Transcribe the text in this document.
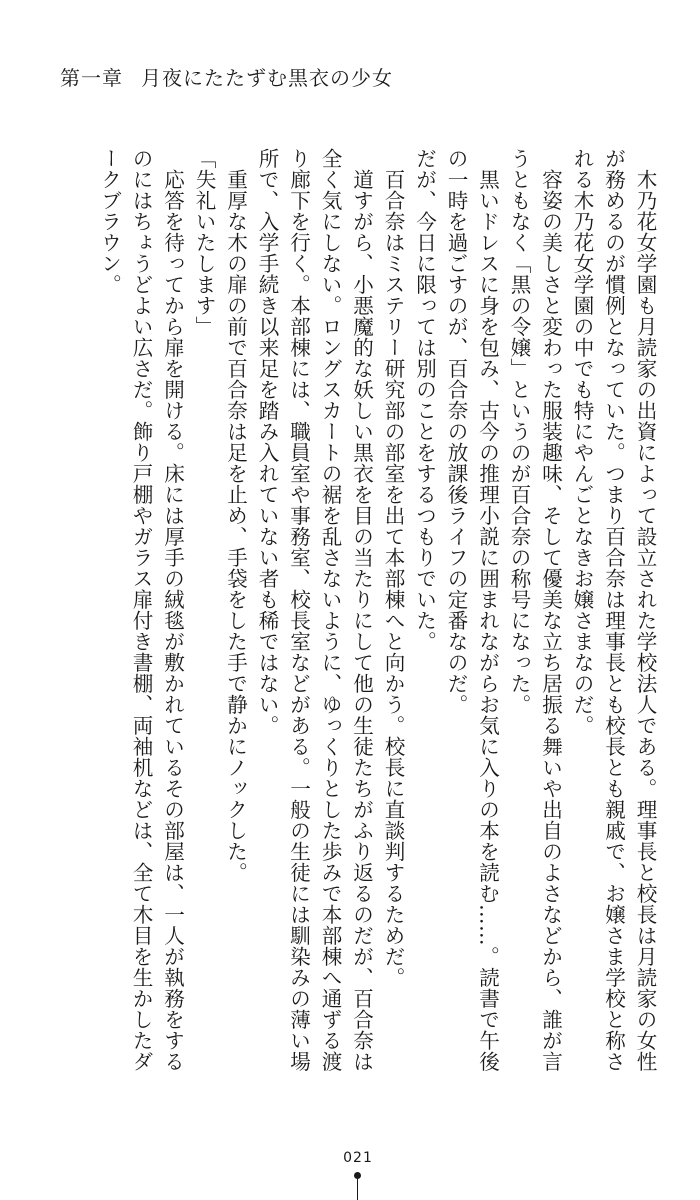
第一章 月夜にたたずむ黒衣の少女

木乃花女学園も月読家の出資によって設立された学校法人である。理事長と校長は月読家の女性が務めるのが慣例となっていた。つまり百合奈は理事長とも校長とも親戚で、お嬢さま学校と称される木乃花女学園の中でも特にやんごとなきお嬢さまなのだ。

容姿の美しさと変わった服装趣味、そして優美な立ち居振る舞いや出自のよさなどから、誰が言うともなく「黒の令嬢」というのが百合奈の称号になった。

黒いドレスに身を包み、古今の推理小説に囲まれながらお気に入りの本を読む……。読書で午後の一時を過ごすのが、百合奈の放課後ライフの定番なのだ。

だが、今日に限っては別のことをするつもりでいた。

百合奈はミステリー研究部の部室を出て本部棟へと向かう。校長に直談判するためだ。

道すがら、小悪魔的な妖しい黒衣を目の当たりにして他の生徒たちがふり返るのだが、百合奈は全く気にしない。ロングスカートの裾を乱さないように、ゆっくりとした歩みで本部棟へ通ずる渡り廊下を行く。本部棟には、職員室や事務室、校長室などがある。一般の生徒には馴染みの薄い場所で、入学手続き以来足を踏み入れていない者も稀ではない。

重厚な木の扉の前で百合奈は足を止め、手袋をした手で静かにノックした。

「失礼いたします」

応答を待ってから扉を開ける。床には厚手の絨毯が敷かれているその部屋は、一人が執務をするのにはちょうどよい広さだ。飾り戸棚やガラス扉付き書棚、両袖机などは、全て木目を生かしたダークブラウン。

021
